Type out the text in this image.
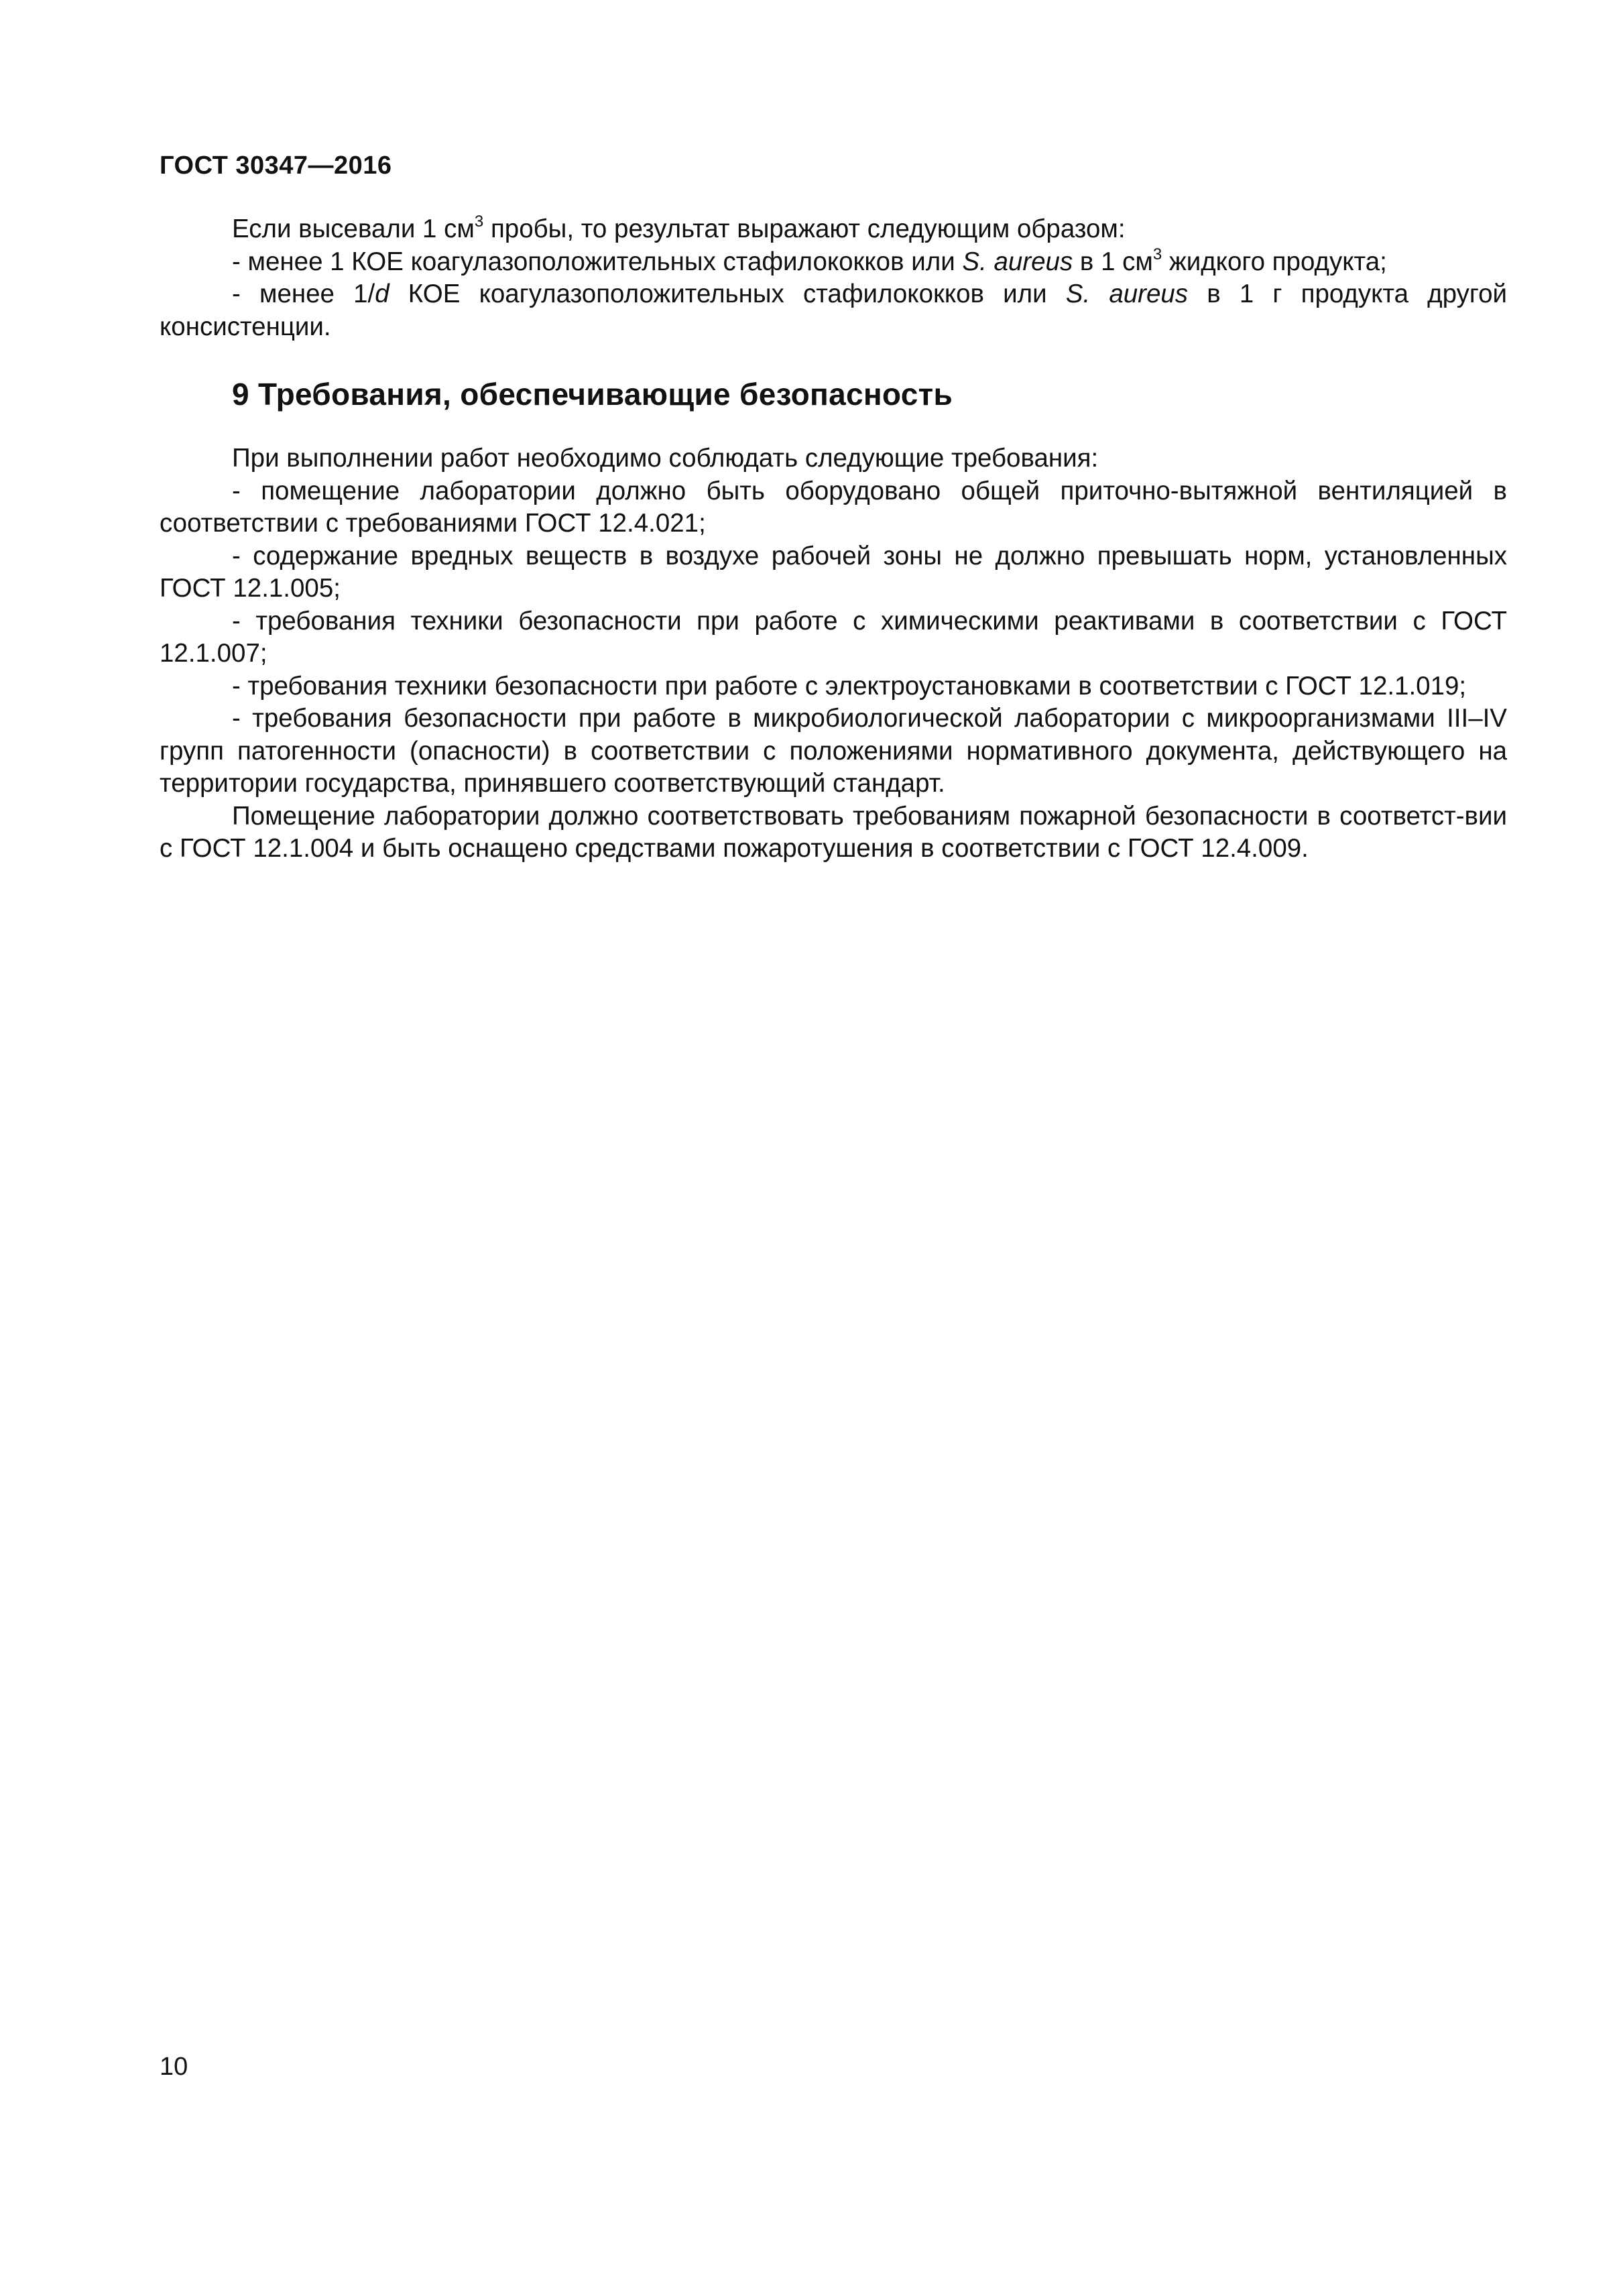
ГОСТ 30347—2016

Если высевали 1 $см^3$ пробы, то результат выражают следующим образом:

- менее 1 КОЕ коагулазоположительных стафилококков или S. aureus в 1 $см^3$ жидкого продукта;

- менее 1/d КОЕ коагулазоположительных стафилококков или S. aureus в 1 г продукта другой консистенции.

9 Требования, обеспечивающие безопасность

При выполнении работ необходимо соблюдать следующие требования:

- помещение лаборатории должно быть оборудовано общей приточно-вытяжной вентиляцией в соответствии с требованиями ГОСТ 12.4.021;

- содержание вредных веществ в воздухе рабочей зоны не должно превышать норм, установленных ГОСТ 12.1.005;

- требования техники безопасности при работе с химическими реактивами в соответствии с ГОСТ 12.1.007;

- требования техники безопасности при работе с электроустановками в соответствии с ГОСТ 12.1.019;

- требования безопасности при работе в микробиологической лаборатории с микроорганизмами III–IV групп патогенности (опасности) в соответствии с положениями нормативного документа, действующего на территории государства, принявшего соответствующий стандарт.

Помещение лаборатории должно соответствовать требованиям пожарной безопасности в соответст-вии с ГОСТ 12.1.004 и быть оснащено средствами пожаротушения в соответствии с ГОСТ 12.4.009.

10
